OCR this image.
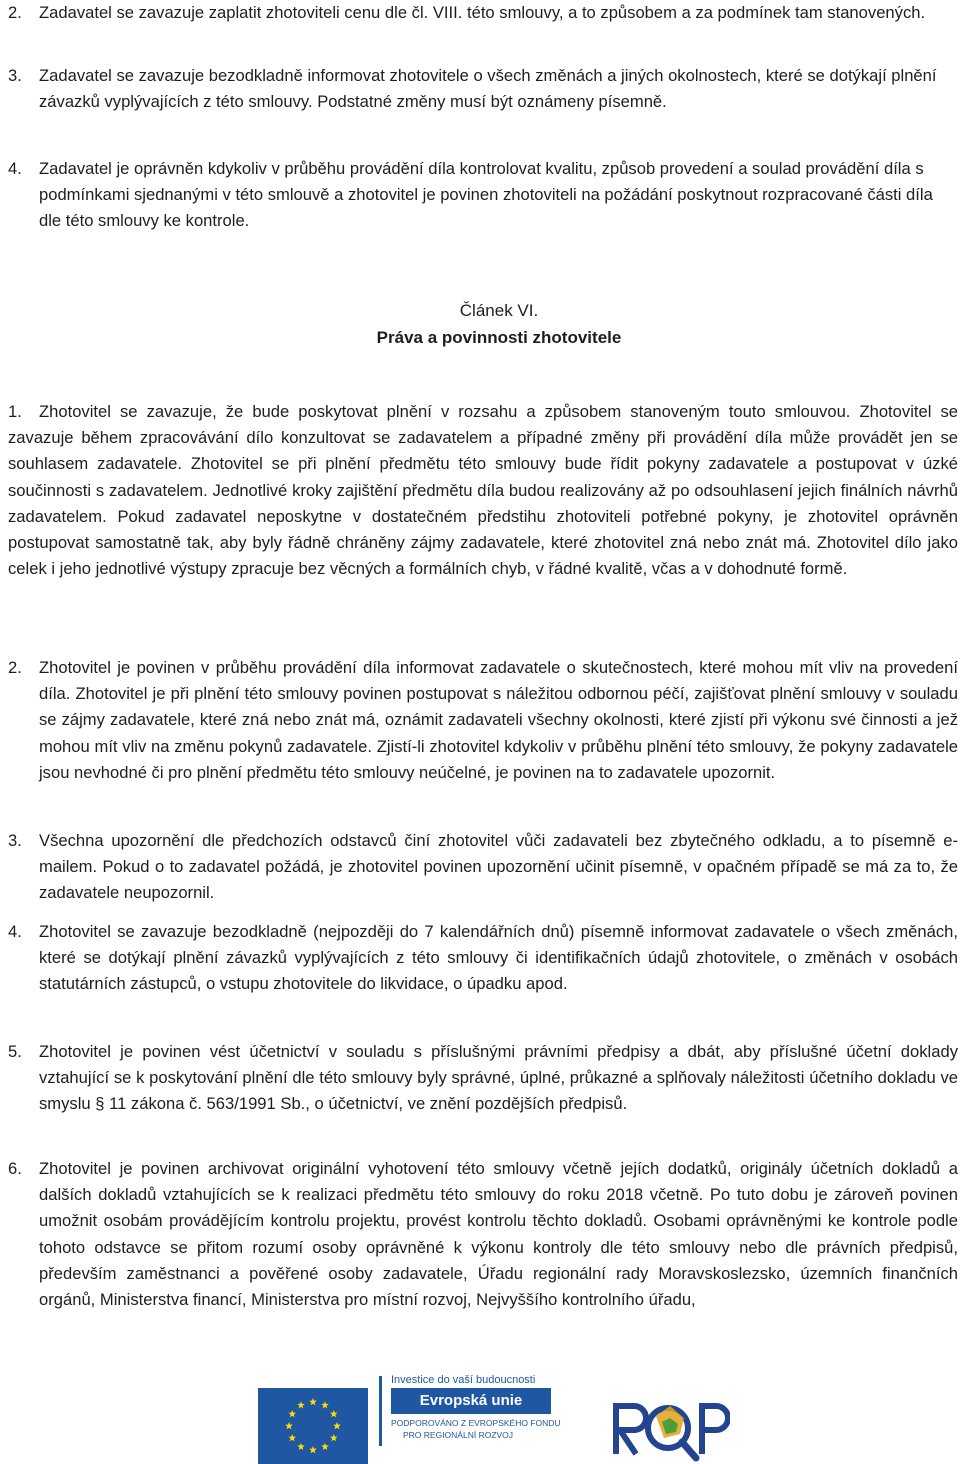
2. Zadavatel se zavazuje zaplatit zhotoviteli cenu dle čl. VIII. této smlouvy, a to způsobem a za podmínek tam stanovených.
3. Zadavatel se zavazuje bezodkladně informovat zhotovitele o všech změnách a jiných okolnostech, které se dotýkají plnění závazků vyplývajících z této smlouvy. Podstatné změny musí být oznámeny písemně.
4. Zadavatel je oprávněn kdykoliv v průběhu provádění díla kontrolovat kvalitu, způsob provedení a soulad provádění díla s podmínkami sjednanými v této smlouvě a zhotovitel je povinen zhotoviteli na požádání poskytnout rozpracované části díla dle této smlouvy ke kontrole.
Článek VI.
Práva a povinnosti zhotovitele
1.	Zhotovitel se zavazuje, že bude poskytovat plnění v rozsahu a způsobem stanoveným touto smlouvou. Zhotovitel se zavazuje během zpracovávání dílo konzultovat se zadavatelem a případné změny při provádění díla může provádět jen se souhlasem zadavatele. Zhotovitel se při plnění předmětu této smlouvy bude řídit pokyny zadavatele a postupovat v úzké součinnosti s zadavatelem. Jednotlivé kroky zajištění předmětu díla budou realizovány až po odsouhlasení jejich finálních návrhů zadavatelem. Pokud zadavatel neposkytne v dostatečném předstihu zhotoviteli potřebné pokyny, je zhotovitel oprávněn postupovat samostatně tak, aby byly řádně chráněny zájmy zadavatele, které zhotovitel zná nebo znát má. Zhotovitel dílo jako celek i jeho jednotlivé výstupy zpracuje bez věcných a formálních chyb, v řádné kvalitě, včas a v dohodnuté formě.
2. Zhotovitel je povinen v průběhu provádění díla informovat zadavatele o skutečnostech, které mohou mít vliv na provedení díla. Zhotovitel je při plnění této smlouvy povinen postupovat s náležitou odbornou péčí, zajišťovat plnění smlouvy v souladu se zájmy zadavatele, které zná nebo znát má, oznámit zadavateli všechny okolnosti, které zjistí při výkonu své činnosti a jež mohou mít vliv na změnu pokynů zadavatele. Zjistí-li zhotovitel kdykoliv v průběhu plnění této smlouvy, že pokyny zadavatele jsou nevhodné či pro plnění předmětu této smlouvy neúčelné, je povinen na to zadavatele upozornit.
3. Všechna upozornění dle předchozích odstavců činí zhotovitel vůči zadavateli bez zbytečného odkladu, a to písemně e-mailem. Pokud o to zadavatel požádá, je zhotovitel povinen upozornění učinit písemně, v opačném případě se má za to, že zadavatele neupozornil.
4. Zhotovitel se zavazuje bezodkladně (nejpozději do 7 kalendářních dnů) písemně informovat zadavatele o všech změnách, které se dotýkají plnění závazků vyplývajících z této smlouvy či identifikačních údajů zhotovitele, o změnách v osobách statutárních zástupců, o vstupu zhotovitele do likvidace, o úpadku apod.
5. Zhotovitel je povinen vést účetnictví v souladu s příslušnými právními předpisy a dbát, aby příslušné účetní doklady vztahující se k poskytování plnění dle této smlouvy byly správné, úplné, průkazné a splňovaly náležitosti účetního dokladu ve smyslu § 11 zákona č. 563/1991 Sb., o účetnictví, ve znění pozdějších předpisů.
6. Zhotovitel je povinen archivovat originální vyhotovení této smlouvy včetně jejích dodatků, originály účetních dokladů a dalších dokladů vztahujících se k realizaci předmětu této smlouvy do roku 2018 včetně. Po tuto dobu je zároveň povinen umožnit osobám provádějícím kontrolu projektu, provést kontrolu těchto dokladů. Osobami oprávněnými ke kontrole podle tohoto odstavce se přitom rozumí osoby oprávněné k výkonu kontroly dle této smlouvy nebo dle právních předpisů, především zaměstnanci a pověřené osoby zadavatele, Úřadu regionální rady Moravskoslezsko, územních finančních orgánů, Ministerstva financí, Ministerstva pro místní rozvoj, Nejvyššího kontrolního úřadu,
Investice do vaší budoucnosti
Evropská unie
PODPOROVÁNO Z EVROPSKÉHO FONDU
PRO REGIONÁLNÍ ROZVOJ
